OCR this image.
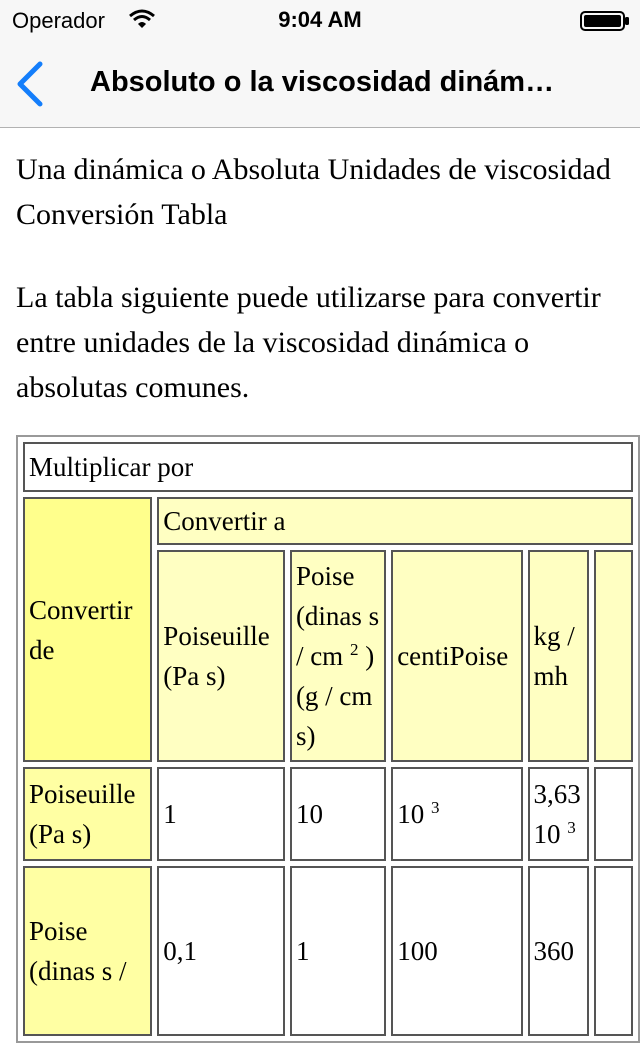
Operador	9:04 AM
Absoluto o la viscosidad dinám…
Una dinámica o Absoluta Unidades de viscosidad Conversión Tabla

La tabla siguiente puede utilizarse para convertir entre unidades de la viscosidad dinámica o absolutas comunes.

Multiplicar por					
Convertir de	Convertir a				
	Poiseuille (Pa s)	Poise (dinas s / cm $^2$ ) (g / cm s)	centiPoise	kg / mh	
Poiseuille (Pa s)	1	10	10 $^3$	3,63
10 $^3$	
Poise (dinas s /	0,1	1	100	360	
